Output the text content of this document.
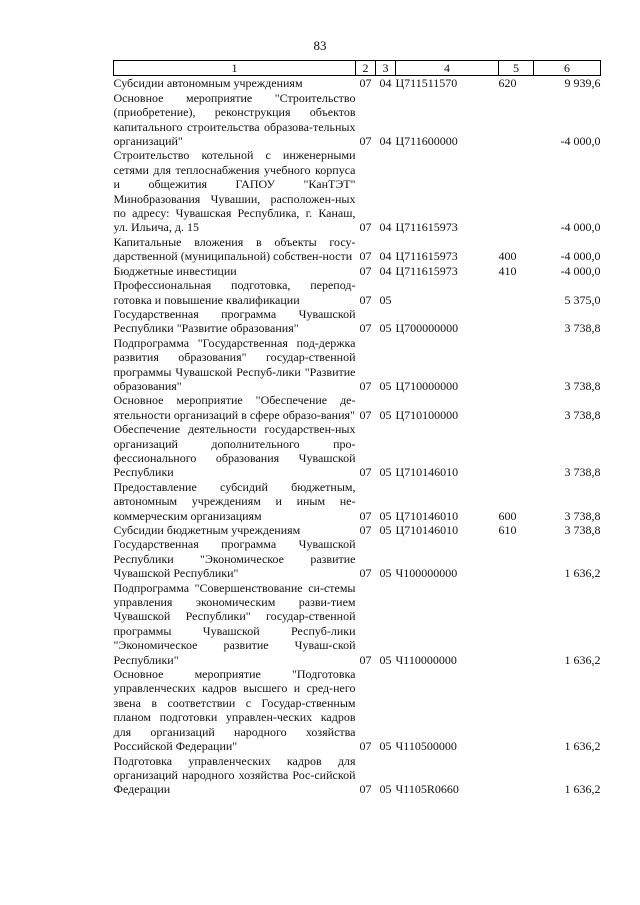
83
1	2	3	4	5	6
Субсидии автономным учреждениям	07	04	Ц711511570	620	9 939,6
Основное мероприятие "Строительство (приобретение), реконструкция объектов капитального строительства образова-тельных организаций"	07	04	Ц711600000		-4 000,0
Строительство котельной с инженерными сетями для теплоснабжения учебного корпуса и общежития ГАПОУ "КанТЭТ" Минобразования Чувашии, расположен-ных по адресу: Чувашская Республика, г. Канаш, ул. Ильича, д. 15	07	04	Ц711615973		-4 000,0
Капитальные вложения в объекты госу-дарственной (муниципальной) собствен-ности	07	04	Ц711615973	400	-4 000,0
Бюджетные инвестиции	07	04	Ц711615973	410	-4 000,0
Профессиональная подготовка, перепод-готовка и повышение квалификации	07	05			5 375,0
Государственная программа Чувашской Республики "Развитие образования"	07	05	Ц700000000		3 738,8
Подпрограмма "Государственная под-держка развития образования" государ-ственной программы Чувашской Респуб-лики "Развитие образования"	07	05	Ц710000000		3 738,8
Основное мероприятие "Обеспечение де-ятельности организаций в сфере образо-вания"	07	05	Ц710100000		3 738,8
Обеспечение деятельности государствен-ных организаций дополнительного про-фессионального образования Чувашской Республики	07	05	Ц710146010		3 738,8
Предоставление субсидий бюджетным, автономным учреждениям и иным не-коммерческим организациям	07	05	Ц710146010	600	3 738,8
Субсидии бюджетным учреждениям	07	05	Ц710146010	610	3 738,8
Государственная программа Чувашской Республики "Экономическое развитие Чувашской Республики"	07	05	Ч100000000		1 636,2
Подпрограмма "Совершенствование си-стемы управления экономическим разви-тием Чувашской Республики" государ-ственной программы Чувашской Респуб-лики "Экономическое развитие Чуваш-ской Республики"	07	05	Ч110000000		1 636,2
Основное мероприятие "Подготовка управленческих кадров высшего и сред-него звена в соответствии с Государ-ственным планом подготовки управлен-ческих кадров для организаций народного хозяйства Российской Федерации"	07	05	Ч110500000		1 636,2
Подготовка управленческих кадров для организаций народного хозяйства Рос-сийской Федерации	07	05	Ч1105R0660		1 636,2
